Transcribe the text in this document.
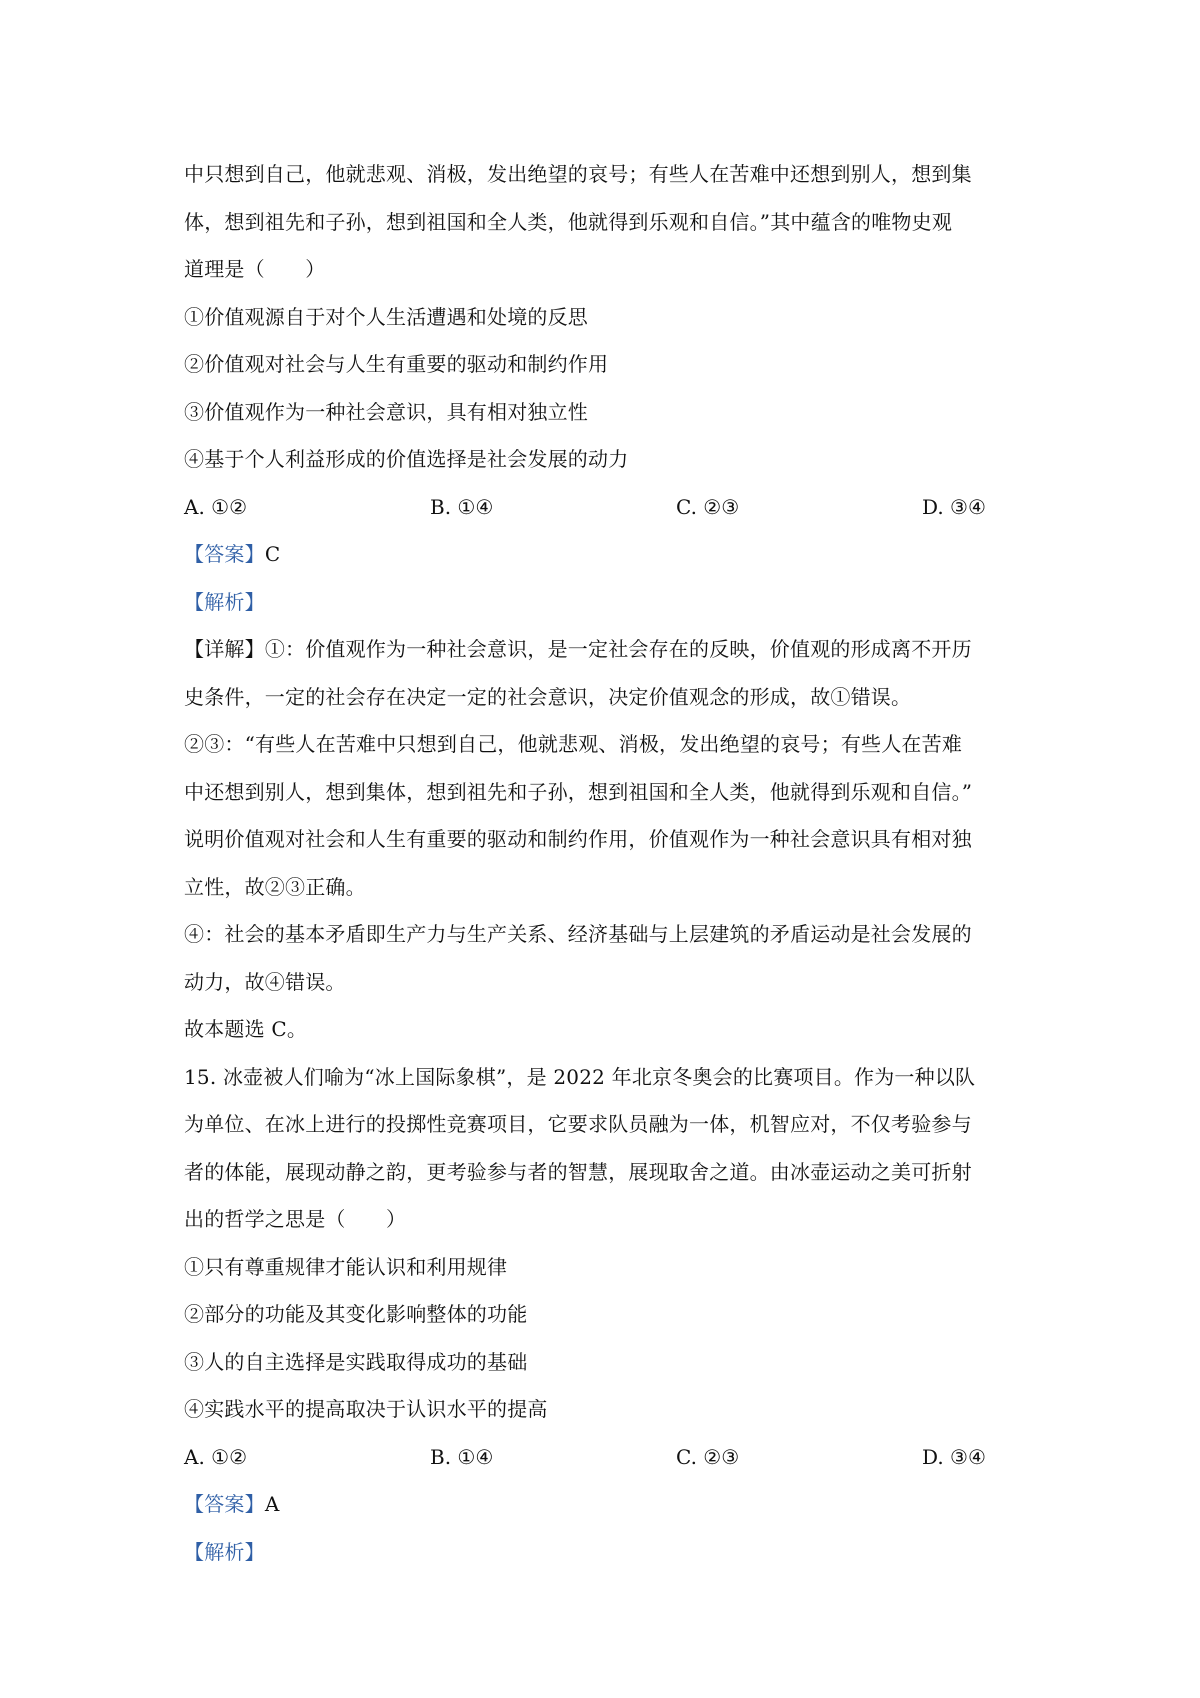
中只想到自己，他就悲观、消极，发出绝望的哀号；有些人在苦难中还想到别人，想到集
体，想到祖先和子孙，想到祖国和全人类，他就得到乐观和自信。”其中蕴含的唯物史观
道理是（　　）
①价值观源自于对个人生活遭遇和处境的反思
②价值观对社会与人生有重要的驱动和制约作用
③价值观作为一种社会意识，具有相对独立性
④基于个人利益形成的价值选择是社会发展的动力
A. ①②	B. ①④	C. ②③	D. ③④
【答案】C
【解析】
【详解】①：价值观作为一种社会意识，是一定社会存在的反映，价值观的形成离不开历
史条件，一定的社会存在决定一定的社会意识，决定价值观念的形成，故①错误。
②③：“有些人在苦难中只想到自己，他就悲观、消极，发出绝望的哀号；有些人在苦难
中还想到别人，想到集体，想到祖先和子孙，想到祖国和全人类，他就得到乐观和自信。”
说明价值观对社会和人生有重要的驱动和制约作用，价值观作为一种社会意识具有相对独
立性，故②③正确。
④：社会的基本矛盾即生产力与生产关系、经济基础与上层建筑的矛盾运动是社会发展的
动力，故④错误。
故本题选 C。
15. 冰壶被人们喻为“冰上国际象棋”，是 2022 年北京冬奥会的比赛项目。作为一种以队
为单位、在冰上进行的投掷性竞赛项目，它要求队员融为一体，机智应对，不仅考验参与
者的体能，展现动静之韵，更考验参与者的智慧，展现取舍之道。由冰壶运动之美可折射
出的哲学之思是（　　）
①只有尊重规律才能认识和利用规律
②部分的功能及其变化影响整体的功能
③人的自主选择是实践取得成功的基础
④实践水平的提高取决于认识水平的提高
A. ①②	B. ①④	C. ②③	D. ③④
【答案】A
【解析】
